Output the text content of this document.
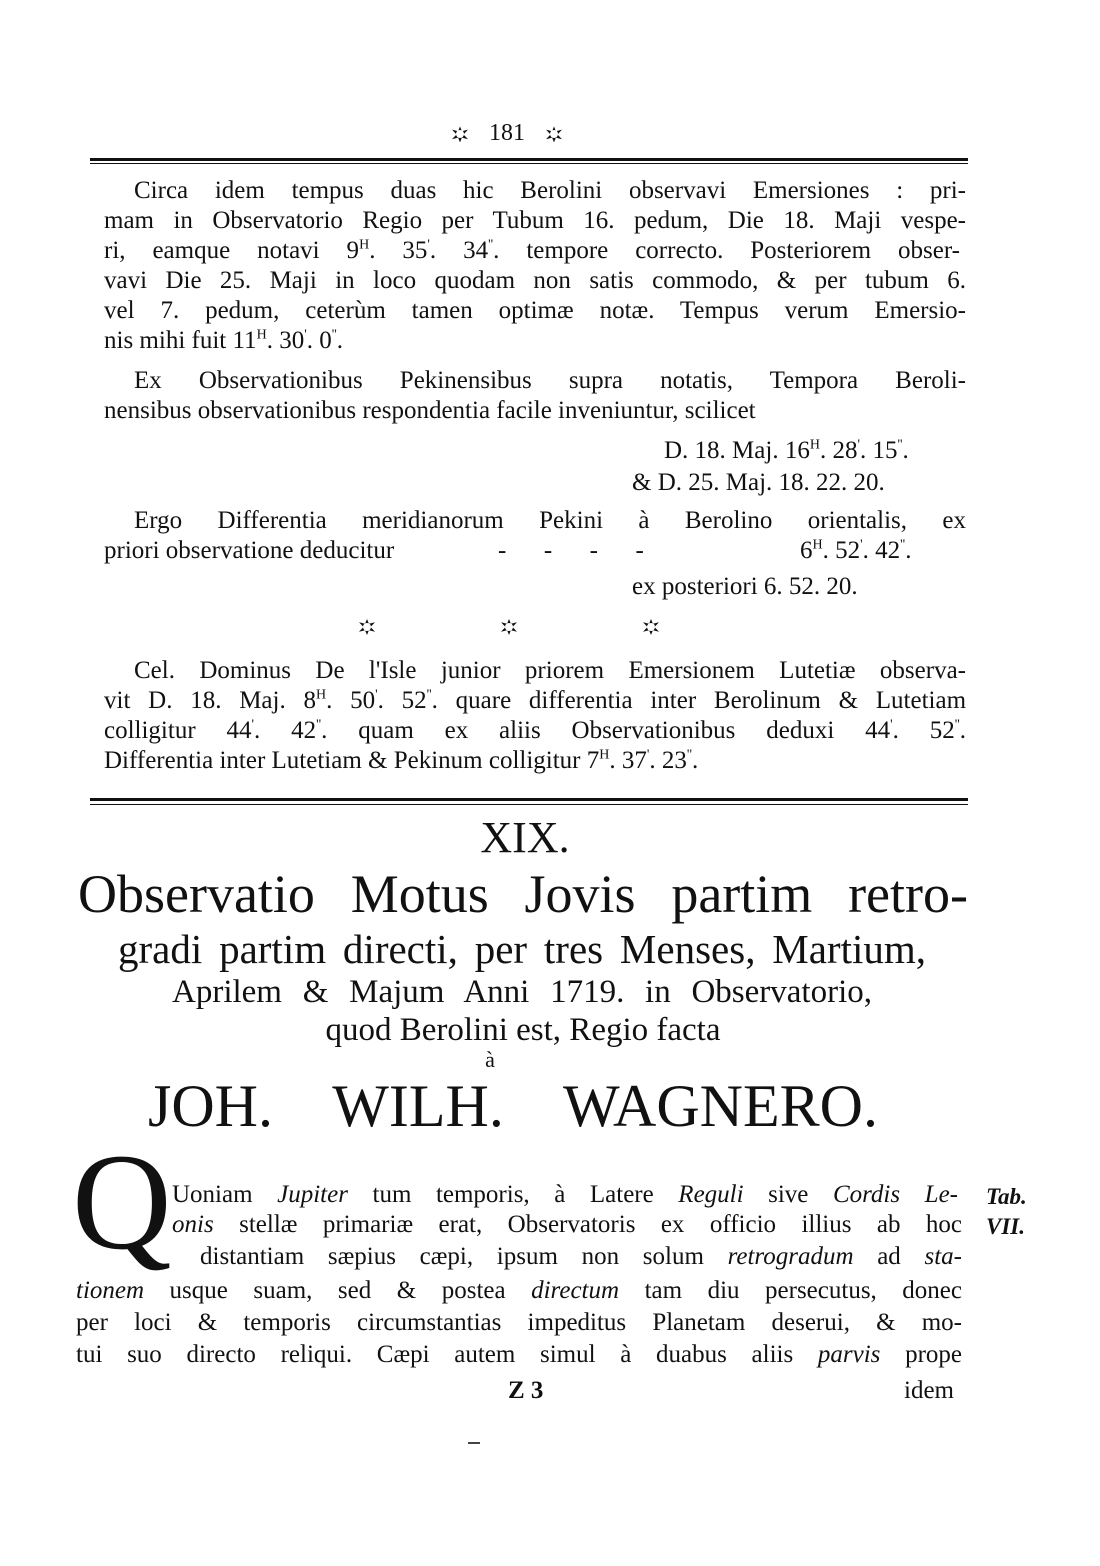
181
Circa idem tempus duas hic Berolini observavi Emersiones : pri-
mam in Observatorio Regio per Tubum 16. pedum, Die 18. Maji vespe-
ri, eamque notavi $9^H$. 35'. 34''. tempore correcto. Posteriorem obser-
vavi Die 25. Maji in loco quodam non satis commodo, & per tubum 6.
vel 7. pedum, ceterùm tamen optimæ notæ. Tempus verum Emersio-
nis mihi fuit $11^H$. 30'. 0''.
Ex Observationibus Pekinensibus supra notatis, Tempora Beroli-
nensibus observationibus respondentia facile inveniuntur, scilicet
D. 18. Maj. $16^H$. 28'. 15''.
& D. 25. Maj. 18. 22. 20.
Ergo Differentia meridianorum Pekini à Berolino orientalis, ex
priori observatione deducitur	-      -      -      -	$6^H$. 52'. 42''.
ex posteriori 6. 52. 20.
Cel. Dominus De l'Isle junior priorem Emersionem Lutetiæ observa-
vit D. 18. Maj. $8^H$. 50'. 52''. quare differentia inter Berolinum & Lutetiam
colligitur 44'. 42''. quam ex aliis Observationibus deduxi 44'. 52''.
Differentia inter Lutetiam & Pekinum colligitur $7^H$. 37'. 23''.
XIX.
Observatio Motus Jovis partim retro-
gradi partim directi, per tres Menses, Martium,
Aprilem & Majum Anni 1719. in Observatorio,
quod Berolini est, Regio facta
à
JOH. WILH. WAGNERO.
Q Uoniam Jupiter tum temporis, à Latere Reguli sive Cordis Le-
onis stellæ primariæ erat, Observatoris ex officio illius ab hoc
distantiam sæpius cæpi, ipsum non solum retrogradum ad sta-
tionem usque suam, sed & postea directum tam diu persecutus, donec
per loci & temporis circumstantias impeditus Planetam deserui, & mo-
tui suo directo reliqui. Cæpi autem simul à duabus aliis parvis prope
Z 3	idem
Tab.
VII.
